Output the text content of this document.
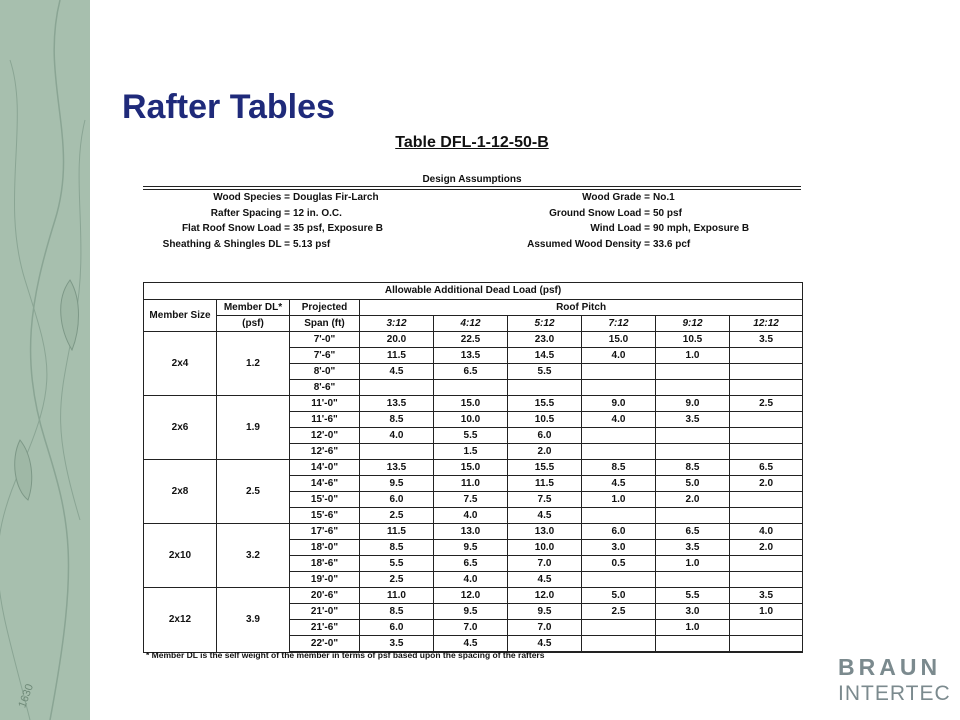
1630
Rafter Tables
Table DFL-1-12-50-B
Design Assumptions
Wood Species = Douglas Fir-Larch
Rafter Spacing = 12 in. O.C.
Flat Roof Snow Load = 35 psf, Exposure B
Sheathing & Shingles DL = 5.13 psf
Wood Grade = No.1
Ground Snow Load = 50 psf
Wind Load = 90 mph, Exposure B
Assumed Wood Density = 33.6 pcf
Allowable Additional Dead Load (psf)								
Member Size	Member DL*	Projected	Roof Pitch					
	(psf)	Span (ft)	3:12	4:12	5:12	7:12	9:12	12:12
2x4	1.2	7'-0"	20.0	22.5	23.0	15.0	10.5	3.5
		7'-6"	11.5	13.5	14.5	4.0	1.0	
		8'-0"	4.5	6.5	5.5			
		8'-6"						
2x6	1.9	11'-0"	13.5	15.0	15.5	9.0	9.0	2.5
		11'-6"	8.5	10.0	10.5	4.0	3.5	
		12'-0"	4.0	5.5	6.0			
		12'-6"		1.5	2.0			
2x8	2.5	14'-0"	13.5	15.0	15.5	8.5	8.5	6.5
		14'-6"	9.5	11.0	11.5	4.5	5.0	2.0
		15'-0"	6.0	7.5	7.5	1.0	2.0	
		15'-6"	2.5	4.0	4.5			
2x10	3.2	17'-6"	11.5	13.0	13.0	6.0	6.5	4.0
		18'-0"	8.5	9.5	10.0	3.0	3.5	2.0
		18'-6"	5.5	6.5	7.0	0.5	1.0	
		19'-0"	2.5	4.0	4.5			
2x12	3.9	20'-6"	11.0	12.0	12.0	5.0	5.5	3.5
		21'-0"	8.5	9.5	9.5	2.5	3.0	1.0
		21'-6"	6.0	7.0	7.0		1.0	
		22'-0"	3.5	4.5	4.5			
* Member DL is the self weight of the member in terms of psf based upon the spacing of the rafters	BRAUN
INTERTEC
